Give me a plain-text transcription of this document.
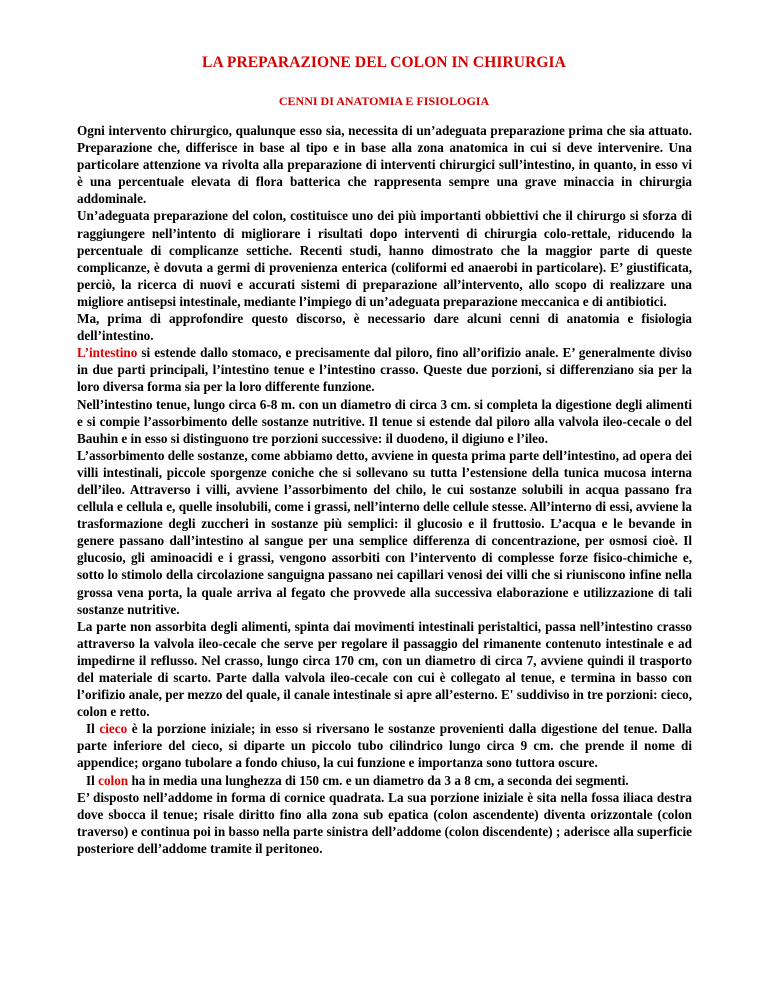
LA PREPARAZIONE DEL COLON IN CHIRURGIA
CENNI DI ANATOMIA E FISIOLOGIA

Ogni intervento chirurgico, qualunque esso sia, necessita di un’adeguata preparazione prima che sia attuato. Preparazione che, differisce in base al tipo e in base alla zona anatomica in cui si deve intervenire. Una particolare attenzione va rivolta alla preparazione di interventi chirurgici sull’intestino, in quanto, in esso vi è una percentuale elevata di flora batterica che rappresenta sempre una grave minaccia in chirurgia addominale.

Un’adeguata preparazione del colon, costituisce uno dei più importanti obbiettivi che il chirurgo si sforza di raggiungere nell’intento di migliorare i risultati dopo interventi di chirurgia colo-rettale, riducendo la percentuale di complicanze settiche. Recenti studi, hanno dimostrato che la maggior parte di queste complicanze, è dovuta a germi di provenienza enterica (coliformi ed anaerobi in particolare). E’ giustificata, perciò, la ricerca di nuovi e accurati sistemi di preparazione all’intervento, allo scopo di realizzare una migliore antisepsi intestinale, mediante l’impiego di un’adeguata preparazione meccanica e di antibiotici.

Ma, prima di approfondire questo discorso, è necessario dare alcuni cenni di anatomia e fisiologia dell’intestino.

L’intestino si estende dallo stomaco, e precisamente dal piloro, fino all’orifizio anale. E’ generalmente diviso in due parti principali, l’intestino tenue e l’intestino crasso. Queste due porzioni, si differenziano sia per la loro diversa forma sia per la loro differente funzione.

Nell’intestino tenue, lungo circa 6-8 m. con un diametro di circa 3 cm. si completa la digestione degli alimenti e si compie l’assorbimento delle sostanze nutritive. Il tenue si estende dal piloro alla valvola ileo-cecale o del Bauhin e in esso si distinguono tre porzioni successive: il duodeno, il digiuno e l’ileo.

L’assorbimento delle sostanze, come abbiamo detto, avviene in questa prima parte dell’intestino, ad opera dei villi intestinali, piccole sporgenze coniche che si sollevano su tutta l’estensione della tunica mucosa interna dell’ileo. Attraverso i villi, avviene l’assorbimento del chilo, le cui sostanze solubili in acqua passano fra cellula e cellula e, quelle insolubili, come i grassi, nell’interno delle cellule stesse. All’interno di essi, avviene la trasformazione degli zuccheri in sostanze più semplici: il glucosio e il fruttosio. L’acqua e le bevande in genere passano dall’intestino al sangue per una semplice differenza di concentrazione, per osmosi cioè. Il glucosio, gli aminoacidi e i grassi, vengono assorbiti con l’intervento di complesse forze fisico-chimiche e, sotto lo stimolo della circolazione sanguigna passano nei capillari venosi dei villi che si riuniscono infine nella grossa vena porta, la quale arriva al fegato che provvede alla successiva elaborazione e utilizzazione di tali sostanze nutritive.

La parte non assorbita degli alimenti, spinta dai movimenti intestinali peristaltici, passa nell’intestino crasso attraverso la valvola ileo-cecale che serve per regolare il passaggio del rimanente contenuto intestinale e ad impedirne il reflusso. Nel crasso, lungo circa 170 cm, con un diametro di circa 7, avviene quindi il trasporto del materiale di scarto. Parte dalla valvola ileo-cecale con cui è collegato al tenue, e termina in basso con l’orifizio anale, per mezzo del quale, il canale intestinale si apre all’esterno. E' suddiviso in tre porzioni: cieco, colon e retto.

Il cieco è la porzione iniziale; in esso si riversano le sostanze provenienti dalla digestione del tenue. Dalla parte inferiore del cieco, si diparte un piccolo tubo cilindrico lungo circa 9 cm. che prende il nome di appendice; organo tubolare a fondo chiuso, la cui funzione e importanza sono tuttora oscure.

Il colon ha in media una lunghezza di 150 cm. e un diametro da 3 a 8 cm, a seconda dei segmenti.

E’ disposto nell’addome in forma di cornice quadrata. La sua porzione iniziale è sita nella fossa iliaca destra dove sbocca il tenue; risale diritto fino alla zona sub epatica (colon ascendente) diventa orizzontale (colon traverso) e continua poi in basso nella parte sinistra dell’addome (colon discendente) ; aderisce alla superficie posteriore dell’addome tramite il peritoneo.
